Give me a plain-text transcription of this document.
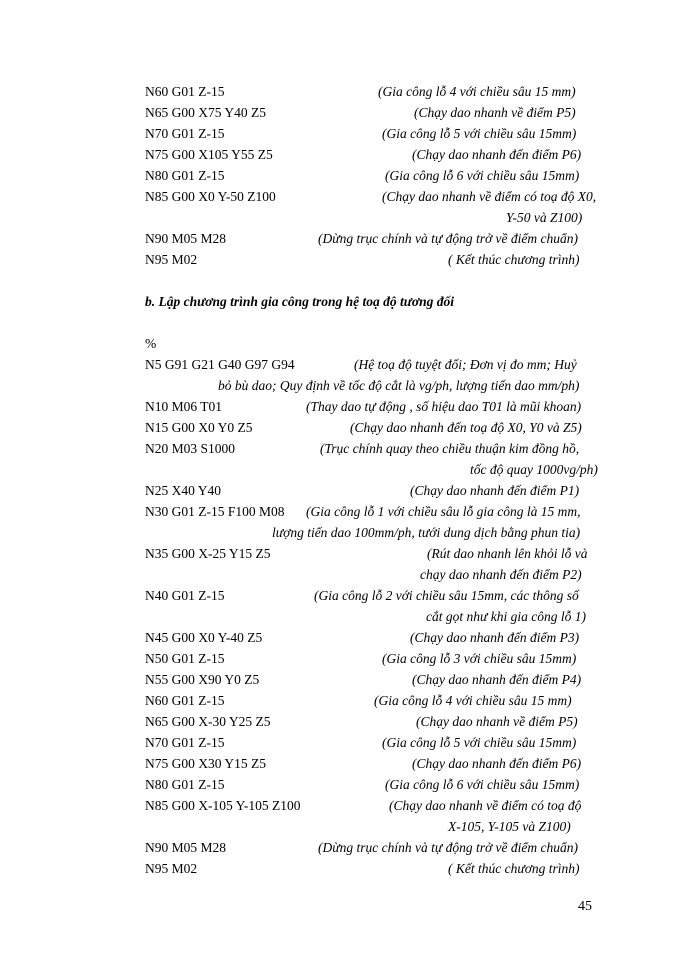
N60 G01 Z-15	(Gia công lỗ 4 với chiều sâu 15 mm)
N65 G00 X75 Y40 Z5	(Chạy dao nhanh về điểm P5)
N70 G01 Z-15	(Gia công lỗ 5 với chiều sâu 15mm)
N75 G00 X105 Y55 Z5	(Chạy dao nhanh đến điểm P6)
N80 G01 Z-15	(Gia công lỗ 6 với chiều sâu 15mm)
N85 G00 X0 Y-50 Z100	(Chạy dao nhanh về điểm có toạ độ X0,
Y-50 và Z100)
N90 M05 M28	(Dừng trục chính và tự động trở về điểm chuẩn)
N95 M02	( Kết thúc chương trình)
b. Lập chương trình gia công trong hệ toạ độ tương đối
%
N5 G91 G21 G40 G97 G94	(Hệ toạ độ tuyệt đối; Đơn vị đo mm; Huỷ
bỏ bù dao; Quy định về tốc độ cắt là vg/ph, lượng tiến dao mm/ph)
N10 M06 T01	(Thay dao tự động , số hiệu dao T01 là mũi khoan)
N15 G00 X0 Y0 Z5	(Chạy dao nhanh đến toạ độ X0, Y0 và Z5)
N20 M03 S1000	(Trục chính quay theo chiều thuận kim đồng hồ,
tốc độ quay 1000vg/ph)
N25 X40 Y40	(Chạy dao nhanh đến điểm P1)
N30 G01 Z-15 F100 M08 (Gia công lỗ 1 với chiều sâu lỗ gia công là 15 mm,
lượng tiến dao 100mm/ph, tưới dung dịch bằng phun tia)
N35 G00 X-25 Y15 Z5	(Rút dao nhanh lên khỏi lỗ và
chạy dao nhanh đến điểm P2)
N40 G01 Z-15	(Gia công lỗ 2 với chiều sâu 15mm, các thông số
cắt gọt như khi gia công lỗ 1)
N45 G00 X0 Y-40 Z5	(Chạy dao nhanh đến điểm P3)
N50 G01 Z-15	(Gia công lỗ 3 với chiều sâu 15mm)
N55 G00 X90 Y0 Z5	(Chạy dao nhanh đến điểm P4)
N60 G01 Z-15	(Gia công lỗ 4 với chiều sâu 15 mm)
N65 G00 X-30 Y25 Z5	(Chạy dao nhanh về điểm P5)
N70 G01 Z-15	(Gia công lỗ 5 với chiều sâu 15mm)
N75 G00 X30 Y15 Z5	(Chạy dao nhanh đến điểm P6)
N80 G01 Z-15	(Gia công lỗ 6 với chiều sâu 15mm)
N85 G00 X-105 Y-105 Z100	(Chạy dao nhanh về điểm có toạ độ
X-105, Y-105 và Z100)
N90 M05 M28	(Dừng trục chính và tự động trở về điểm chuẩn)
N95 M02	( Kết thúc chương trình)
45
